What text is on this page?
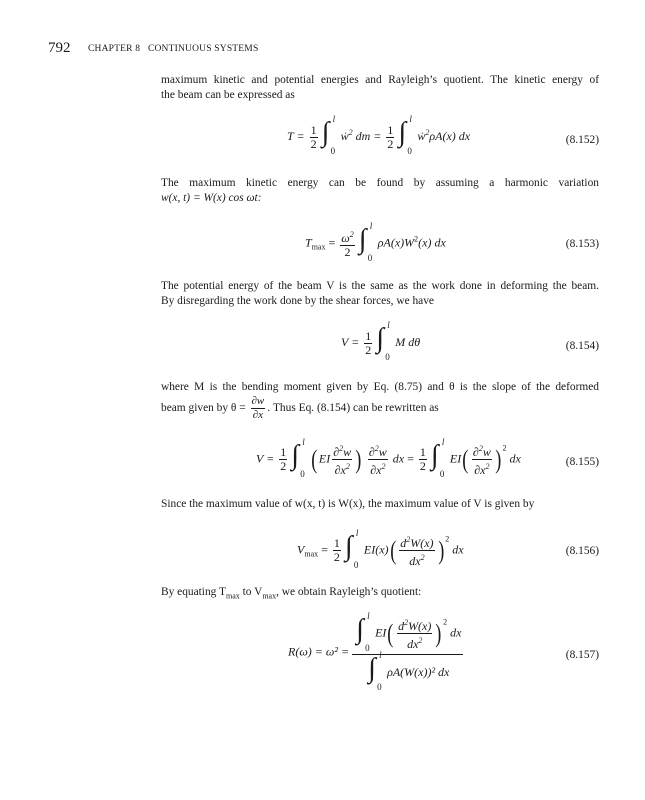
792 CHAPTER 8 CONTINUOUS SYSTEMS
maximum kinetic and potential energies and Rayleigh’s quotient. The kinetic energy of
the beam can be expressed as
$T = \frac{1}{2}$ ∫ l
0
ẇ$^2$ dm = $\frac{1}{2}$ ∫ l
0
ẇ$^2$ρA(x) dx	(8.152)
The maximum kinetic energy can be found by assuming a harmonic variation
w(x, t) = W(x) cos ωt:
$T_{max} = \frac{\omega^2}{2}$ ∫ l
0
$\rho A(x)W^2(x)$ dx	(8.153)
The potential energy of the beam V is the same as the work done in deforming the beam.
By disregarding the work done by the shear forces, we have
$V = \frac{1}{2}$ ∫ l
0
M dθ	(8.154)
where M is the bending moment given by Eq. (8.75) and θ is the slope of the deformed
beam given by $\theta = \frac{\partial w}{\partial x}$ . Thus Eq. (8.154) can be rewritten as
$V = \frac{1}{2}$ ∫ l
0 ($EI \frac{\partial^2w}{\partial x^2}$ ) $\frac{\partial^2w}{\partial x^2}$ dx = $\frac{1}{2}$ ∫ l
0
$EI( \frac{\partial^2w}{\partial x^2} )^2$ dx	(8.155)
Since the maximum value of w(x, t) is W(x), the maximum value of V is given by
$V_{max} = \frac{1}{2}$ ∫ l
0
$EI(x)( \frac{d^2W(x)}{dx^2} )^2$ dx	(8.156)
By equating $T_{max}$ to $V_{max}$, we obtain Rayleigh’s quotient:
R(ω) = ω² = ∫ l
0
$EI( \frac{d^2W(x)}{dx^2} )^2$ dx
∫ l
0
ρA(W(x))² dx	(8.157)
